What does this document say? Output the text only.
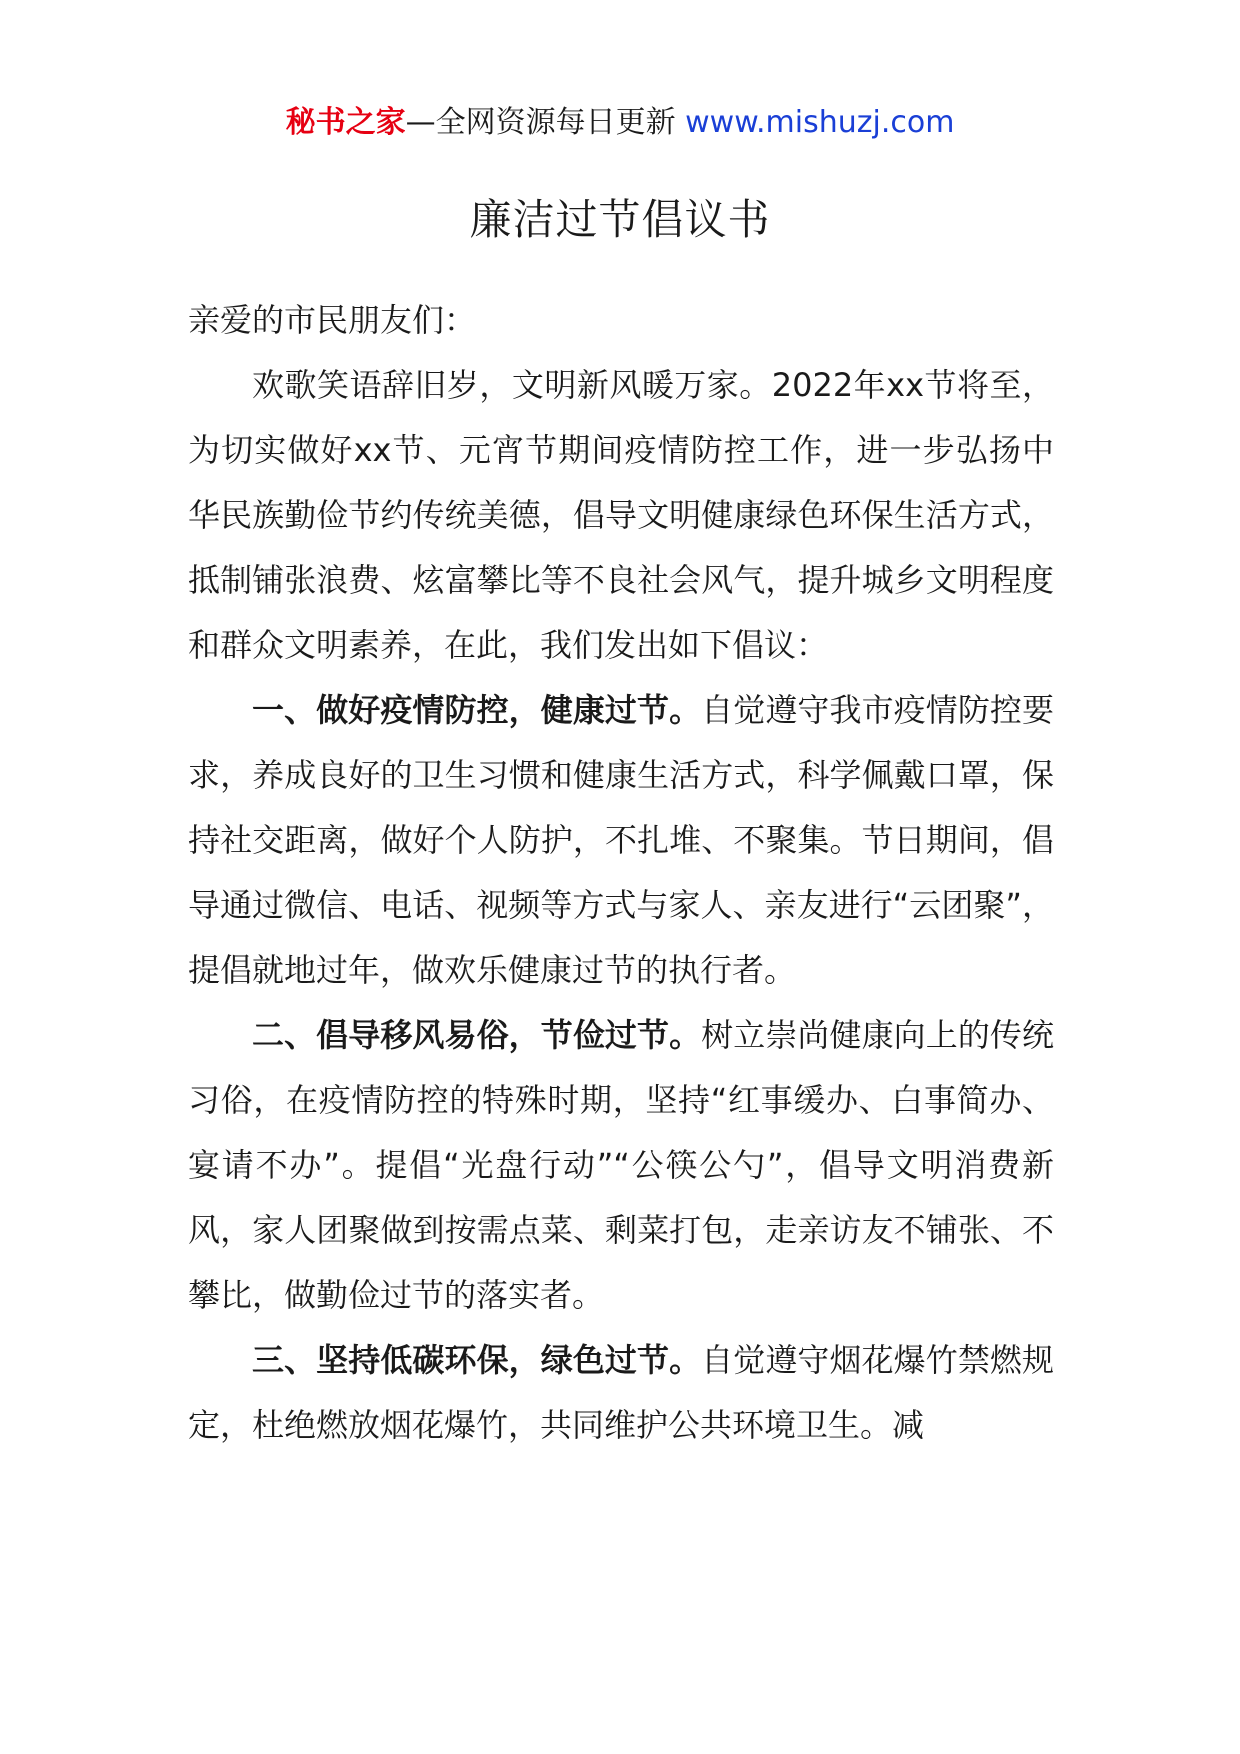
秘书之家—全网资源每日更新 www.mishuzj.com
廉洁过节倡议书

亲爱的市民朋友们：

欢歌笑语辞旧岁，文明新风暖万家。2022年xx节将至，为切实做好xx节、元宵节期间疫情防控工作，进一步弘扬中华民族勤俭节约传统美德，倡导文明健康绿色环保生活方式，抵制铺张浪费、炫富攀比等不良社会风气，提升城乡文明程度和群众文明素养，在此，我们发出如下倡议：

一、做好疫情防控，健康过节。自觉遵守我市疫情防控要求，养成良好的卫生习惯和健康生活方式，科学佩戴口罩，保持社交距离，做好个人防护，不扎堆、不聚集。节日期间，倡导通过微信、电话、视频等方式与家人、亲友进行“云团聚”，提倡就地过年，做欢乐健康过节的执行者。

二、倡导移风易俗，节俭过节。树立崇尚健康向上的传统习俗，在疫情防控的特殊时期，坚持“红事缓办、白事简办、宴请不办”。提倡“光盘行动”“公筷公勺”，倡导文明消费新风，家人团聚做到按需点菜、剩菜打包，走亲访友不铺张、不攀比，做勤俭过节的落实者。

三、坚持低碳环保，绿色过节。自觉遵守烟花爆竹禁燃规定，杜绝燃放烟花爆竹，共同维护公共环境卫生。减
